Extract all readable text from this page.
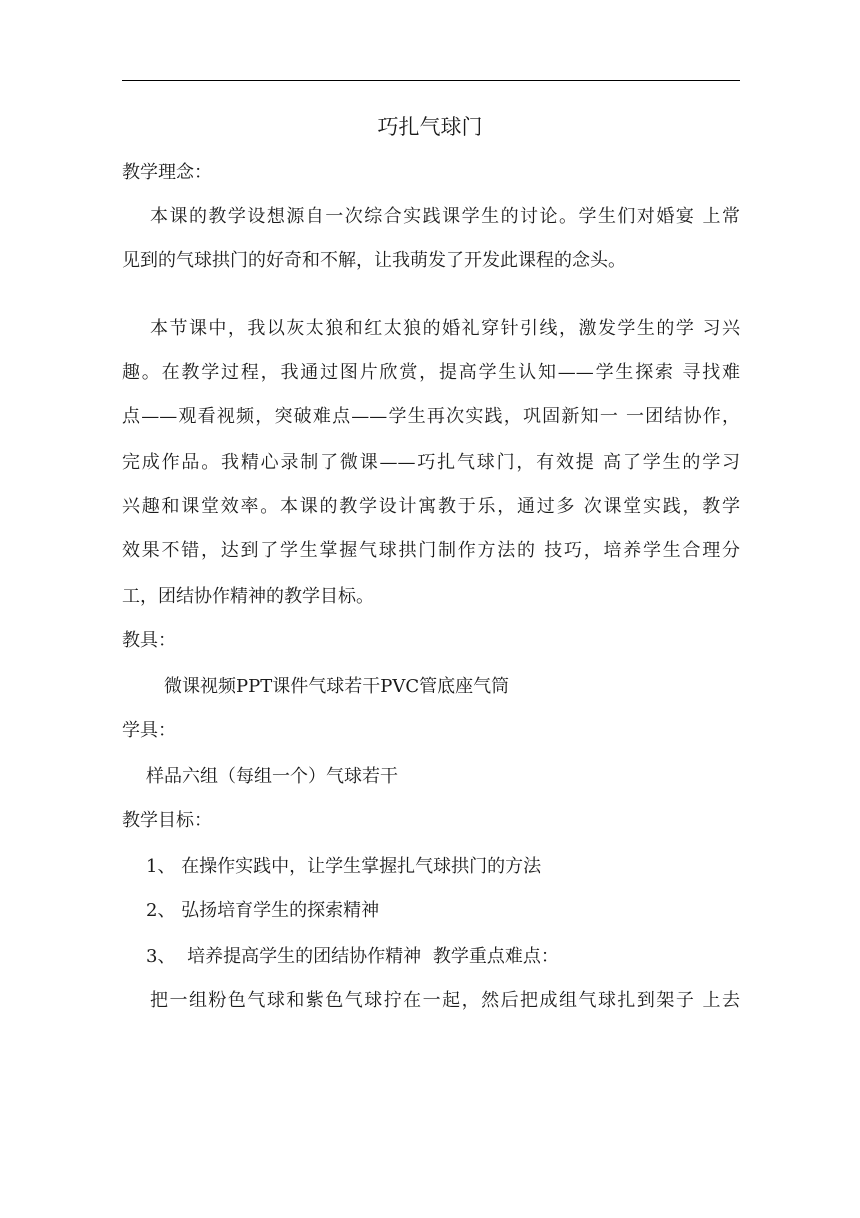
巧扎气球门
教学理念：
本课的教学设想源自一次综合实践课学生的讨论。学生们对婚宴 上常
见到的气球拱门的好奇和不解，让我萌发了开发此课程的念头。
本节课中，我以灰太狼和红太狼的婚礼穿针引线，激发学生的学 习兴
趣。在教学过程，我通过图片欣赏，提高学生认知——学生探索 寻找难
点——观看视频，突破难点——学生再次实践，巩固新知一 一团结协作，
完成作品。我精心录制了微课——巧扎气球门，有效提 高了学生的学习
兴趣和课堂效率。本课的教学设计寓教于乐，通过多 次课堂实践，教学
效果不错，达到了学生掌握气球拱门制作方法的 技巧，培养学生合理分
工，团结协作精神的教学目标。
教具：
微课视频PPT课件气球若干PVC管底座气筒
学具：
样品六组（每组一个）气球若干
教学目标：
1、 在操作实践中，让学生掌握扎气球拱门的方法
2、 弘扬培育学生的探索精神
3、 培养提高学生的团结协作精神 教学重点难点：
把一组粉色气球和紫色气球拧在一起，然后把成组气球扎到架子 上去
